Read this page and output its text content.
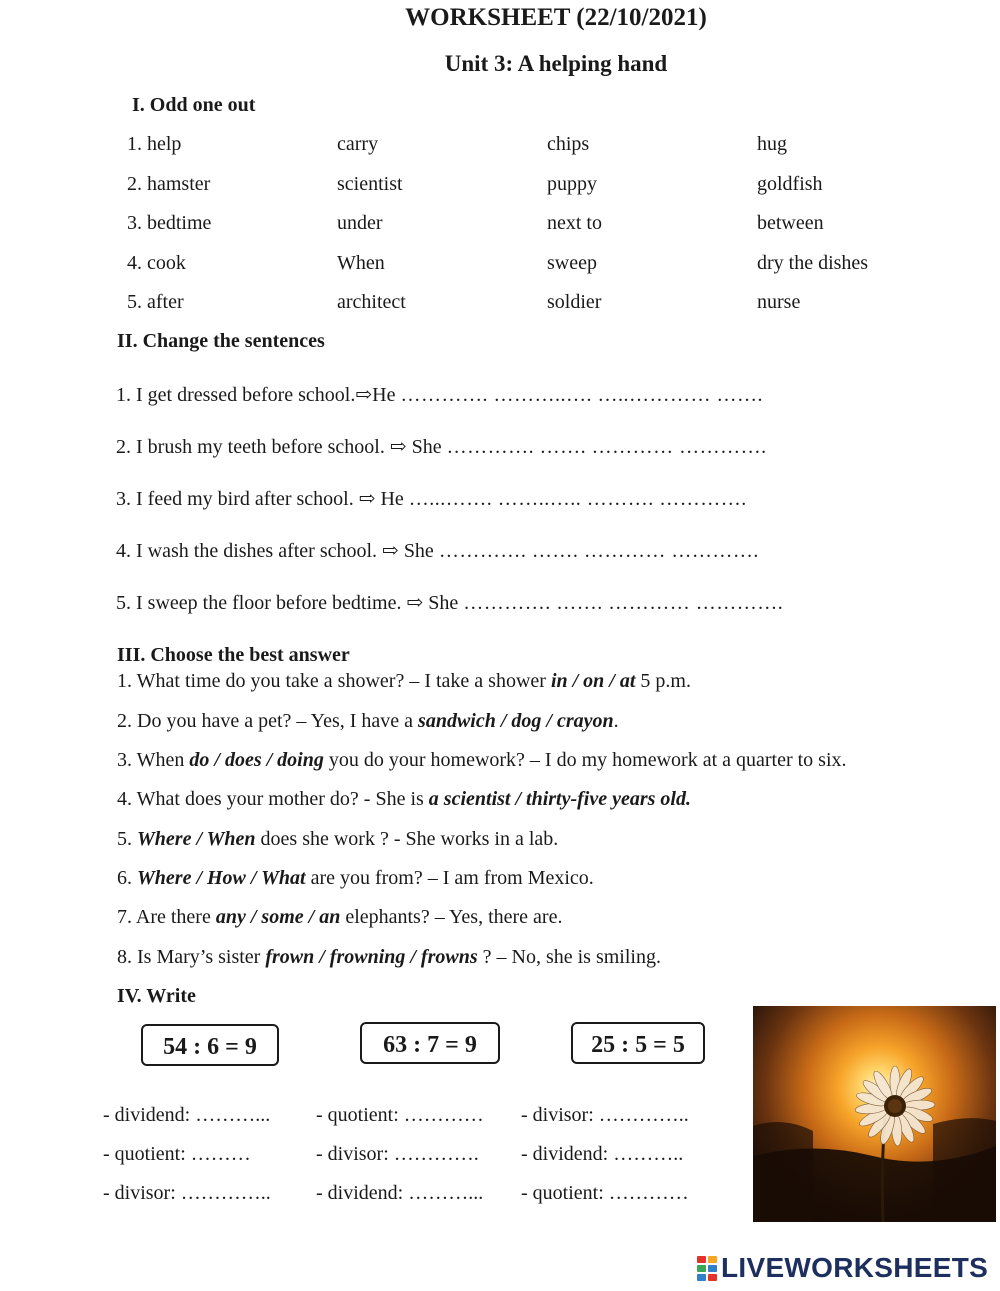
WORKSHEET (22/10/2021)
Unit 3: A helping hand
I. Odd one out
1. help	carry	chips	hug
2. hamster	scientist	puppy	goldfish
3. bedtime	under	next to	between
4. cook	When	sweep	dry the dishes
5. after	architect	soldier	nurse
II. Change the sentences
1. I get dressed before school.⇨He …………. ………..…. …..………… …….
2. I brush my teeth before school. ⇨ She …………. ……. ………… ………….
3. I feed my bird after school. ⇨ He …...……. ……..….. ………. ………….
4. I wash the dishes after school. ⇨ She …………. ……. ………… ………….
5. I sweep the floor before bedtime. ⇨ She …………. ……. ………… ………….
III. Choose the best answer
1. What time do you take a shower? – I take a shower in / on / at 5 p.m.
2. Do you have a pet? – Yes, I have a sandwich / dog / crayon.
3. When do / does / doing you do your homework? – I do my homework at a quarter to six.
4. What does your mother do? - She is a scientist / thirty-five years old.
5. Where / When does she work ? - She works in a lab.
6. Where / How / What are you from? – I am from Mexico.
7. Are there any / some / an elephants? – Yes, there are.
8. Is Mary’s sister frown / frowning / frowns ? – No, she is smiling.
IV. Write
54 : 6 = 9	63 : 7 = 9	25 : 5 = 5
- dividend: ………... - quotient: ………… - divisor: …………..
- quotient: ………	- divisor: …………. - dividend: ………..
- divisor: ………….. - dividend: ………... - quotient: …………
LIVEWORKSHEETS
